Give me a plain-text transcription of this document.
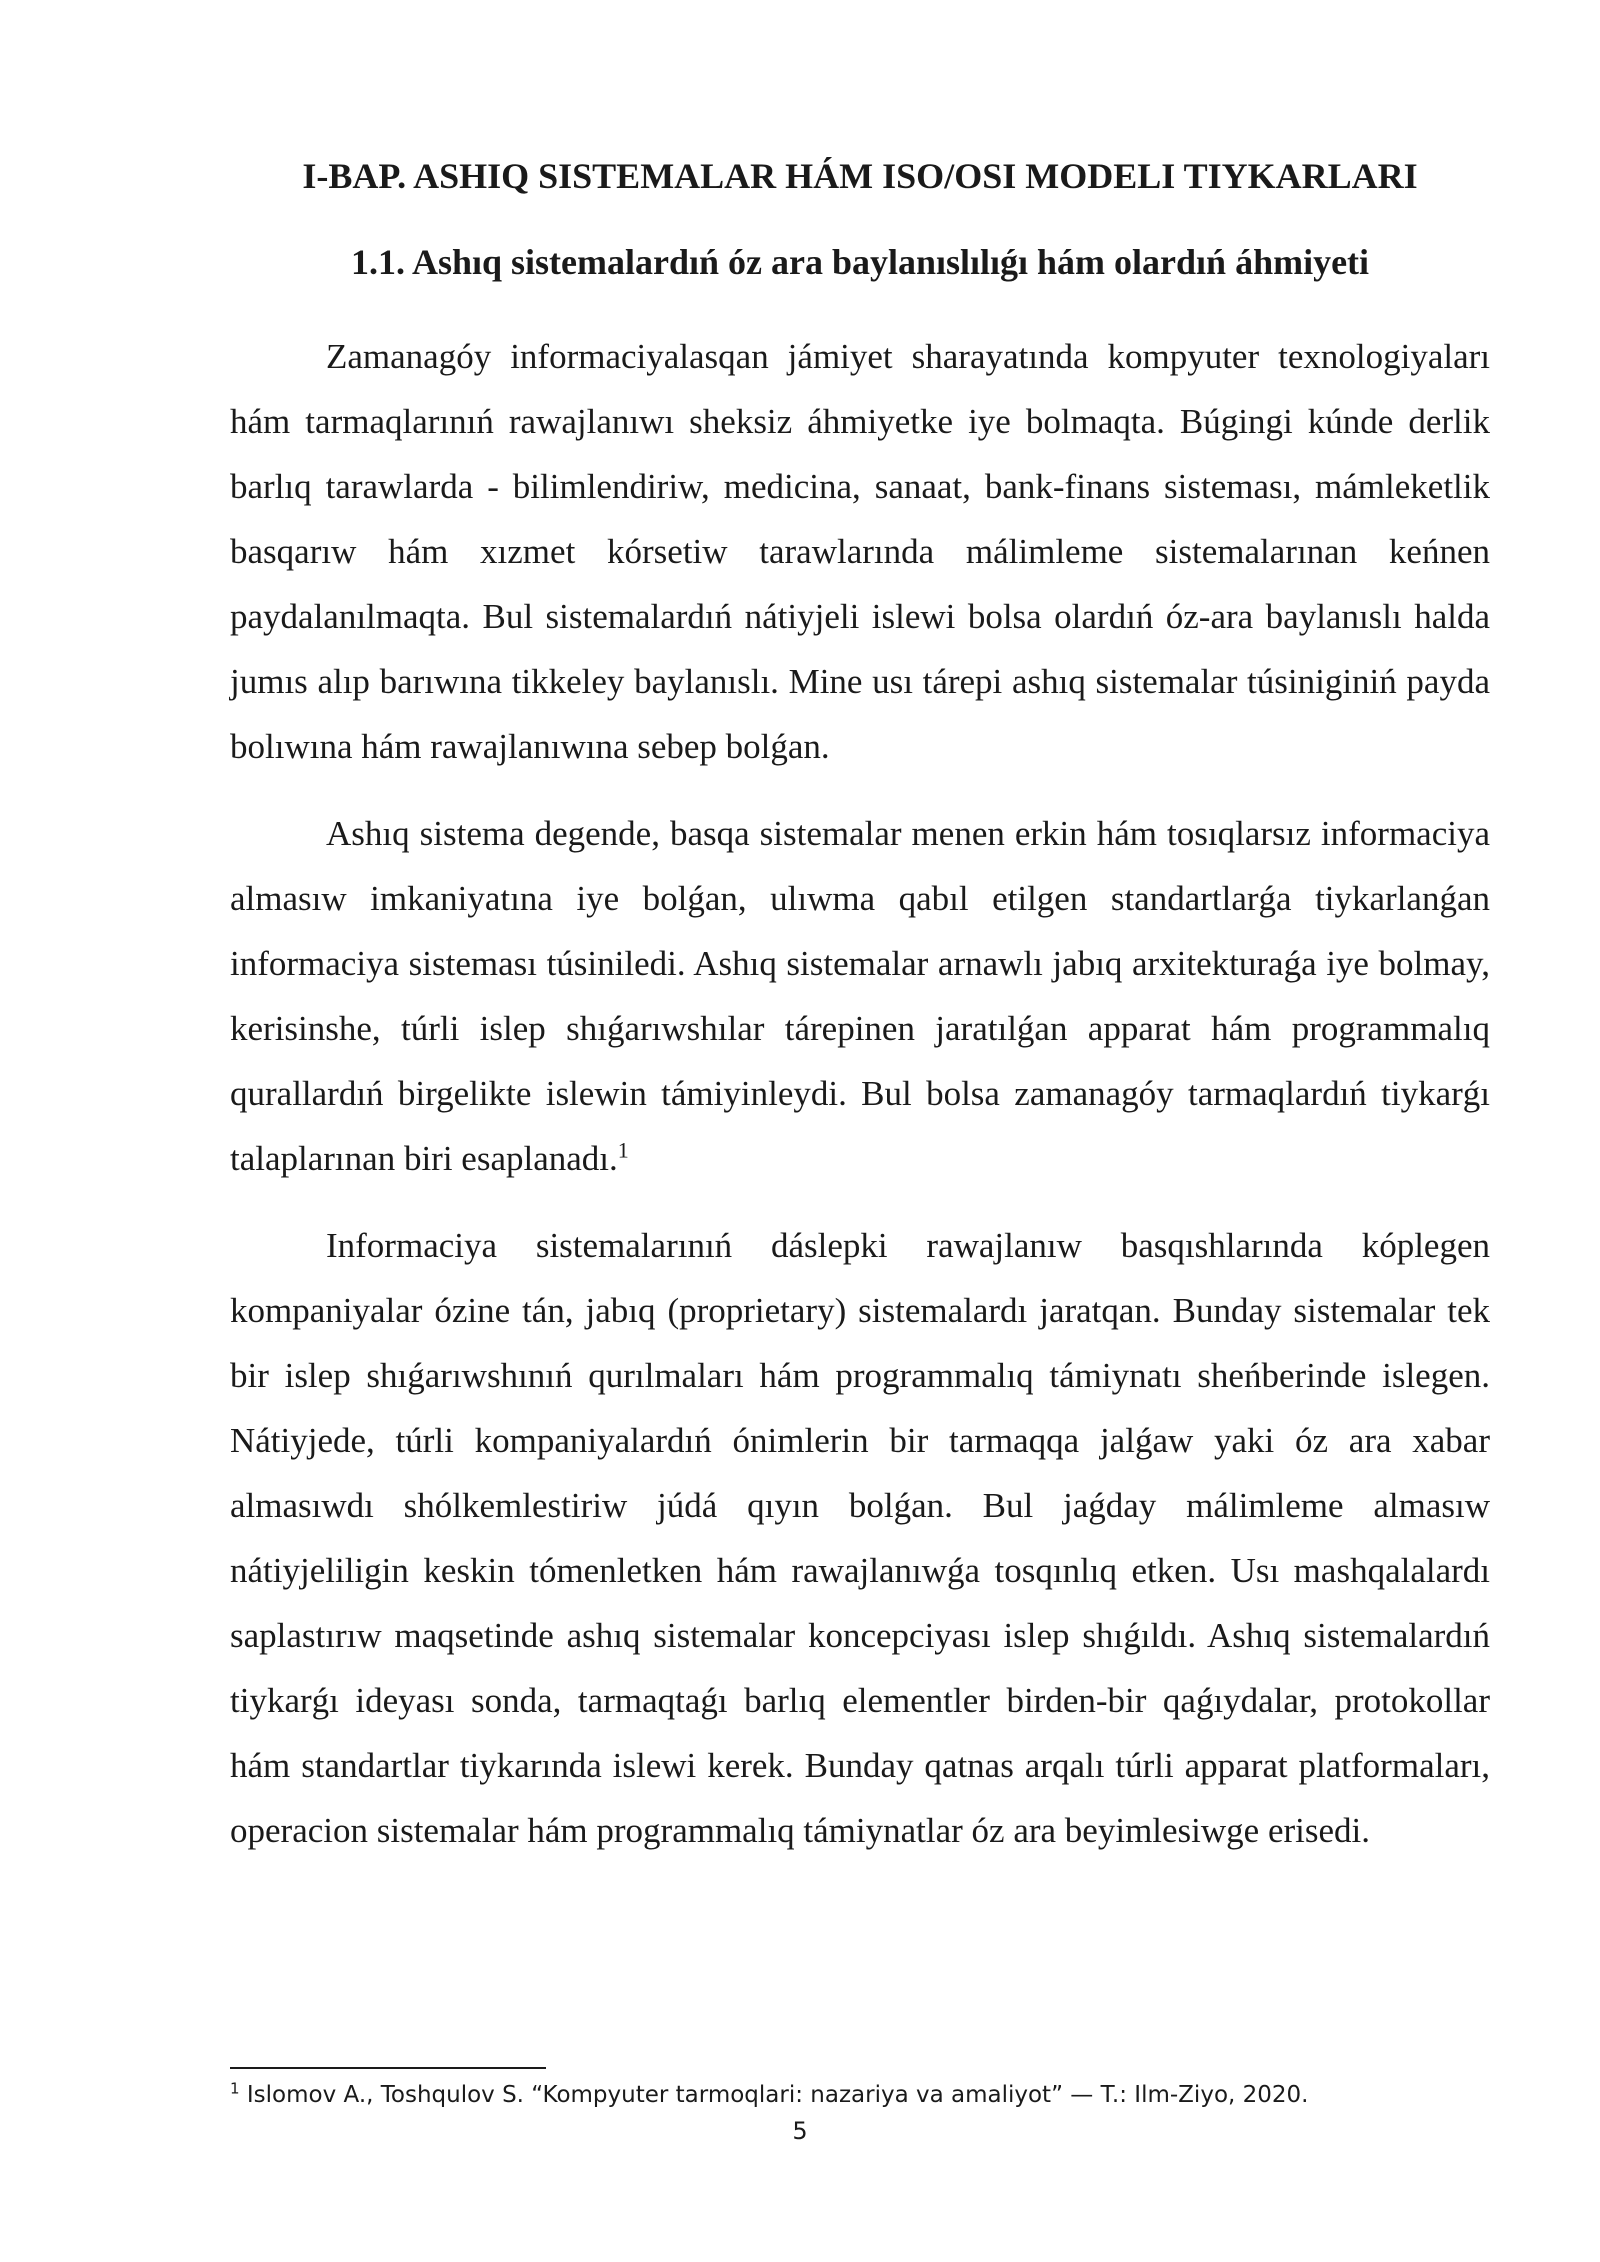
I-BAP. ASHIQ SISTEMALAR HÁM ISO/OSI MODELI TIYKARLARI
1.1. Ashıq sistemalardıń óz ara baylanıslılıǵı hám olardıń áhmiyeti

Zamanagóy informaciyalasqan jámiyet sharayatında kompyuter texnologiyaları hám tarmaqlarınıń rawajlanıwı sheksiz áhmiyetke iye bolmaqta. Búgingi kúnde derlik barlıq tarawlarda - bilimlendiriw, medicina, sanaat, bank-finans sisteması, mámleketlik basqarıw hám xızmet kórsetiw tarawlarında málimleme sistemalarınan keńnen paydalanılmaqta. Bul sistemalardıń nátiyjeli islewi bolsa olardıń óz-ara baylanıslı halda jumıs alıp barıwına tikkeley baylanıslı. Mine usı tárepi ashıq sistemalar túsiniginiń payda bolıwına hám rawajlanıwına sebep bolǵan.

Ashıq sistema degende, basqa sistemalar menen erkin hám tosıqlarsız informaciya almasıw imkaniyatına iye bolǵan, ulıwma qabıl etilgen standartlarǵa tiykarlanǵan informaciya sisteması túsiniledi. Ashıq sistemalar arnawlı jabıq arxitekturaǵa iye bolmay, kerisinshe, túrli islep shıǵarıwshılar tárepinen jaratılǵan apparat hám programmalıq qurallardıń birgelikte islewin támiyinleydi. Bul bolsa zamanagóy tarmaqlardıń tiykarǵı talaplarınan biri esaplanadı.$^1$

Informaciya sistemalarınıń dáslepki rawajlanıw basqıshlarında kóplegen kompaniyalar ózine tán, jabıq (proprietary) sistemalardı jaratqan. Bunday sistemalar tek bir islep shıǵarıwshınıń qurılmaları hám programmalıq támiynatı sheńberinde islegen. Nátiyjede, túrli kompaniyalardıń ónimlerin bir tarmaqqa jalǵaw yaki óz ara xabar almasıwdı shólkemlestiriw júdá qıyın bolǵan. Bul jaǵday málimleme almasıw nátiyjeliligin keskin tómenletken hám rawajlanıwǵa tosqınlıq etken. Usı mashqalalardı saplastırıw maqsetinde ashıq sistemalar koncepciyası islep shıǵıldı. Ashıq sistemalardıń tiykarǵı ideyası sonda, tarmaqtaǵı barlıq elementler birden-bir qaǵıydalar, protokollar hám standartlar tiykarında islewi kerek. Bunday qatnas arqalı túrli apparat platformaları, operacion sistemalar hám programmalıq támiynatlar óz ara beyimlesiwge erisedi.

$^1$ Islomov A., Toshqulov S. “Kompyuter tarmoqlari: nazariya va amaliyot” — T.: Ilm-Ziyo, 2020.
5
